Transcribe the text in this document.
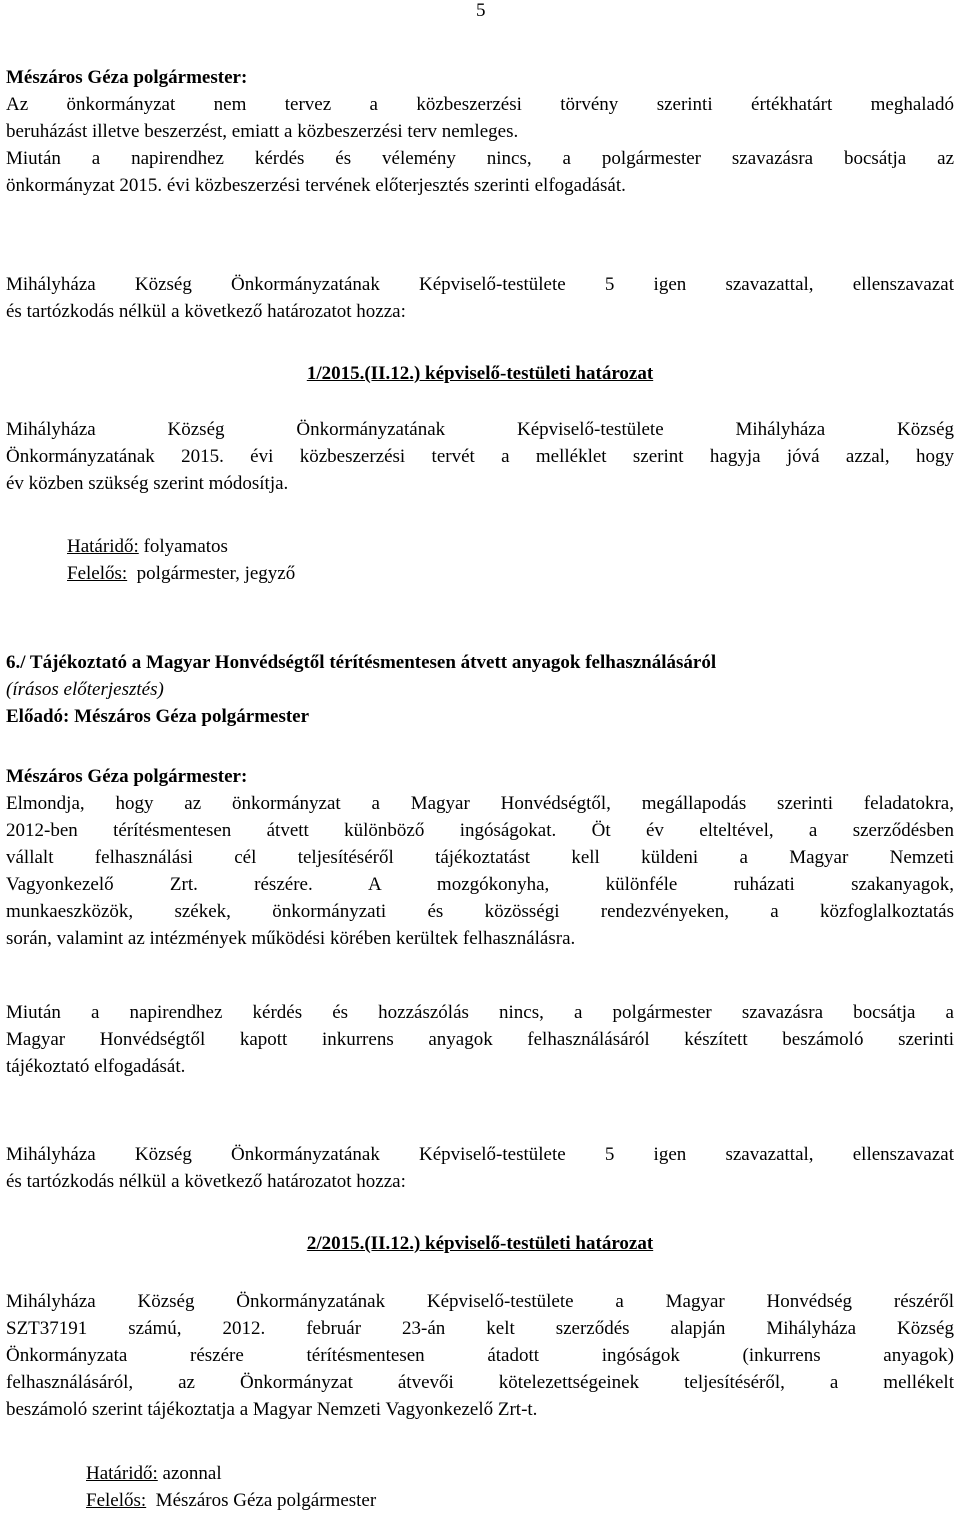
5

Mészáros Géza polgármester:

Az önkormányzat nem tervez a közbeszerzési törvény szerinti értékhatárt meghaladó

beruházást illetve beszerzést, emiatt a közbeszerzési terv nemleges.

Miután a napirendhez kérdés és vélemény nincs, a polgármester szavazásra bocsátja az

önkormányzat 2015. évi közbeszerzési tervének előterjesztés szerinti elfogadását.

Mihályháza Község Önkormányzatának Képviselő-testülete 5 igen szavazattal, ellenszavazat

és tartózkodás nélkül a következő határozatot hozza:

1/2015.(II.12.) képviselő-testületi határozat

Mihályháza Község Önkormányzatának Képviselő-testülete Mihályháza Község

Önkormányzatának 2015. évi közbeszerzési tervét a melléklet szerint hagyja jóvá azzal, hogy

év közben szükség szerint módosítja.

Határidő: folyamatos

Felelős:  polgármester, jegyző

6./ Tájékoztató a Magyar Honvédségtől térítésmentesen átvett anyagok felhasználásáról

(írásos előterjesztés)

Előadó: Mészáros Géza polgármester

Mészáros Géza polgármester:

Elmondja, hogy az önkormányzat a Magyar Honvédségtől, megállapodás szerinti feladatokra,

2012-ben térítésmentesen átvett különböző ingóságokat. Öt év elteltével, a szerződésben

vállalt felhasználási cél teljesítéséről tájékoztatást kell küldeni a Magyar Nemzeti

Vagyonkezelő Zrt. részére. A mozgókonyha, különféle ruházati szakanyagok,

munkaeszközök, székek, önkormányzati és közösségi rendezvényeken, a közfoglalkoztatás

során, valamint az intézmények működési körében kerültek felhasználásra.

Miután a napirendhez kérdés és hozzászólás nincs, a polgármester szavazásra bocsátja a

Magyar Honvédségtől kapott inkurrens anyagok felhasználásáról készített beszámoló szerinti

tájékoztató elfogadását.

Mihályháza Község Önkormányzatának Képviselő-testülete 5 igen szavazattal, ellenszavazat

és tartózkodás nélkül a következő határozatot hozza:

2/2015.(II.12.) képviselő-testületi határozat

Mihályháza Község Önkormányzatának Képviselő-testülete a Magyar Honvédség részéről

SZT37191 számú, 2012. február 23-án kelt szerződés alapján Mihályháza Község

Önkormányzata részére térítésmentesen átadott ingóságok (inkurrens anyagok)

felhasználásáról, az Önkormányzat átvevői kötelezettségeinek teljesítéséről, a mellékelt

beszámoló szerint tájékoztatja a Magyar Nemzeti Vagyonkezelő Zrt-t.

Határidő: azonnal

Felelős:  Mészáros Géza polgármester
